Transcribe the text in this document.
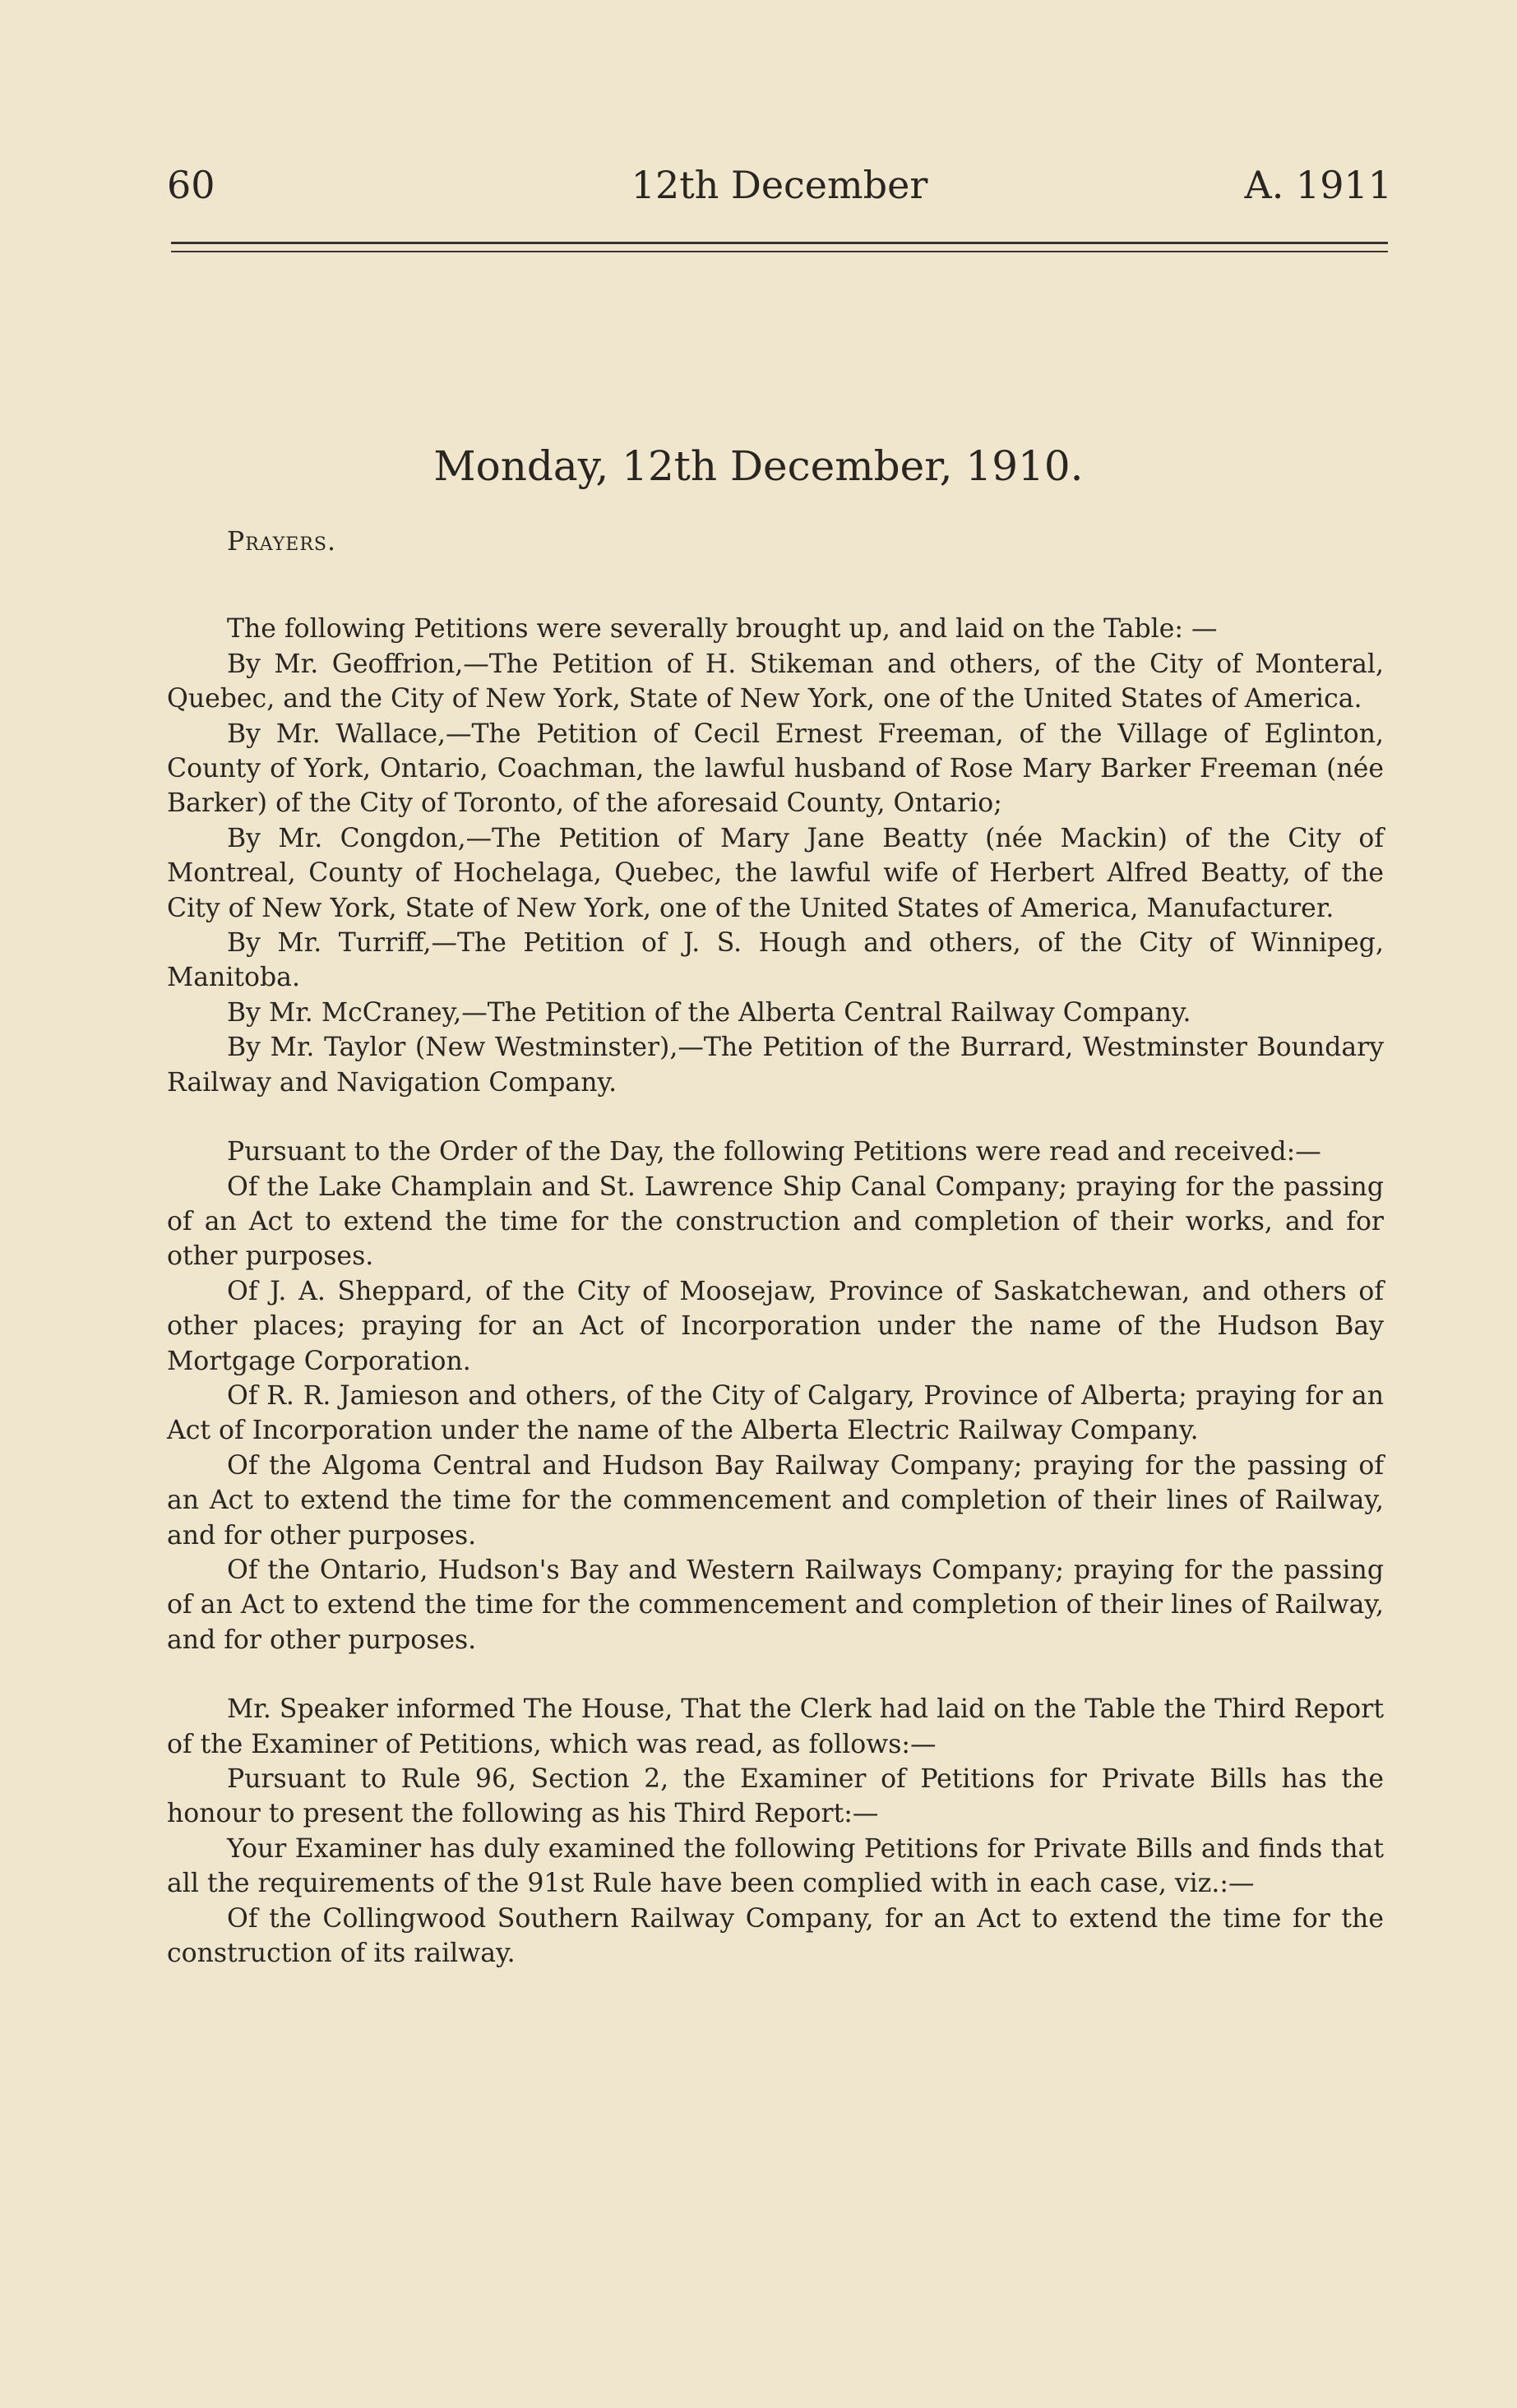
60	12th December	A. 1911
Monday, 12th December, 1910.

Prayers.

The following Petitions were severally brought up, and laid on the Table: —

By Mr. Geoffrion,—The Petition of H. Stikeman and others, of the City of Monteral, Quebec, and the City of New York, State of New York, one of the United States of America.

By Mr. Wallace,—The Petition of Cecil Ernest Freeman, of the Village of Eglinton, County of York, Ontario, Coachman, the lawful husband of Rose Mary Barker Freeman (née Barker) of the City of Toronto, of the aforesaid County, Ontario;

By Mr. Congdon,—The Petition of Mary Jane Beatty (née Mackin) of the City of Montreal, County of Hochelaga, Quebec, the lawful wife of Herbert Alfred Beatty, of the City of New York, State of New York, one of the United States of America, Manufacturer.

By Mr. Turriff,—The Petition of J. S. Hough and others, of the City of Winnipeg, Manitoba.

By Mr. McCraney,—The Petition of the Alberta Central Railway Company.

By Mr. Taylor (New Westminster),—The Petition of the Burrard, Westminster Boundary Railway and Navigation Company.

Pursuant to the Order of the Day, the following Petitions were read and received:—

Of the Lake Champlain and St. Lawrence Ship Canal Company; praying for the passing of an Act to extend the time for the construction and completion of their works, and for other purposes.

Of J. A. Sheppard, of the City of Moosejaw, Province of Saskatchewan, and others of other places; praying for an Act of Incorporation under the name of the Hudson Bay Mortgage Corporation.

Of R. R. Jamieson and others, of the City of Calgary, Province of Alberta; praying for an Act of Incorporation under the name of the Alberta Electric Railway Company.

Of the Algoma Central and Hudson Bay Railway Company; praying for the passing of an Act to extend the time for the commencement and completion of their lines of Railway, and for other purposes.

Of the Ontario, Hudson's Bay and Western Railways Company; praying for the passing of an Act to extend the time for the commencement and completion of their lines of Railway, and for other purposes.

Mr. Speaker informed The House, That the Clerk had laid on the Table the Third Report of the Examiner of Petitions, which was read, as follows:—

Pursuant to Rule 96, Section 2, the Examiner of Petitions for Private Bills has the honour to present the following as his Third Report:—

Your Examiner has duly examined the following Petitions for Private Bills and finds that all the requirements of the 91st Rule have been complied with in each case, viz.:—

Of the Collingwood Southern Railway Company, for an Act to extend the time for the construction of its railway.
